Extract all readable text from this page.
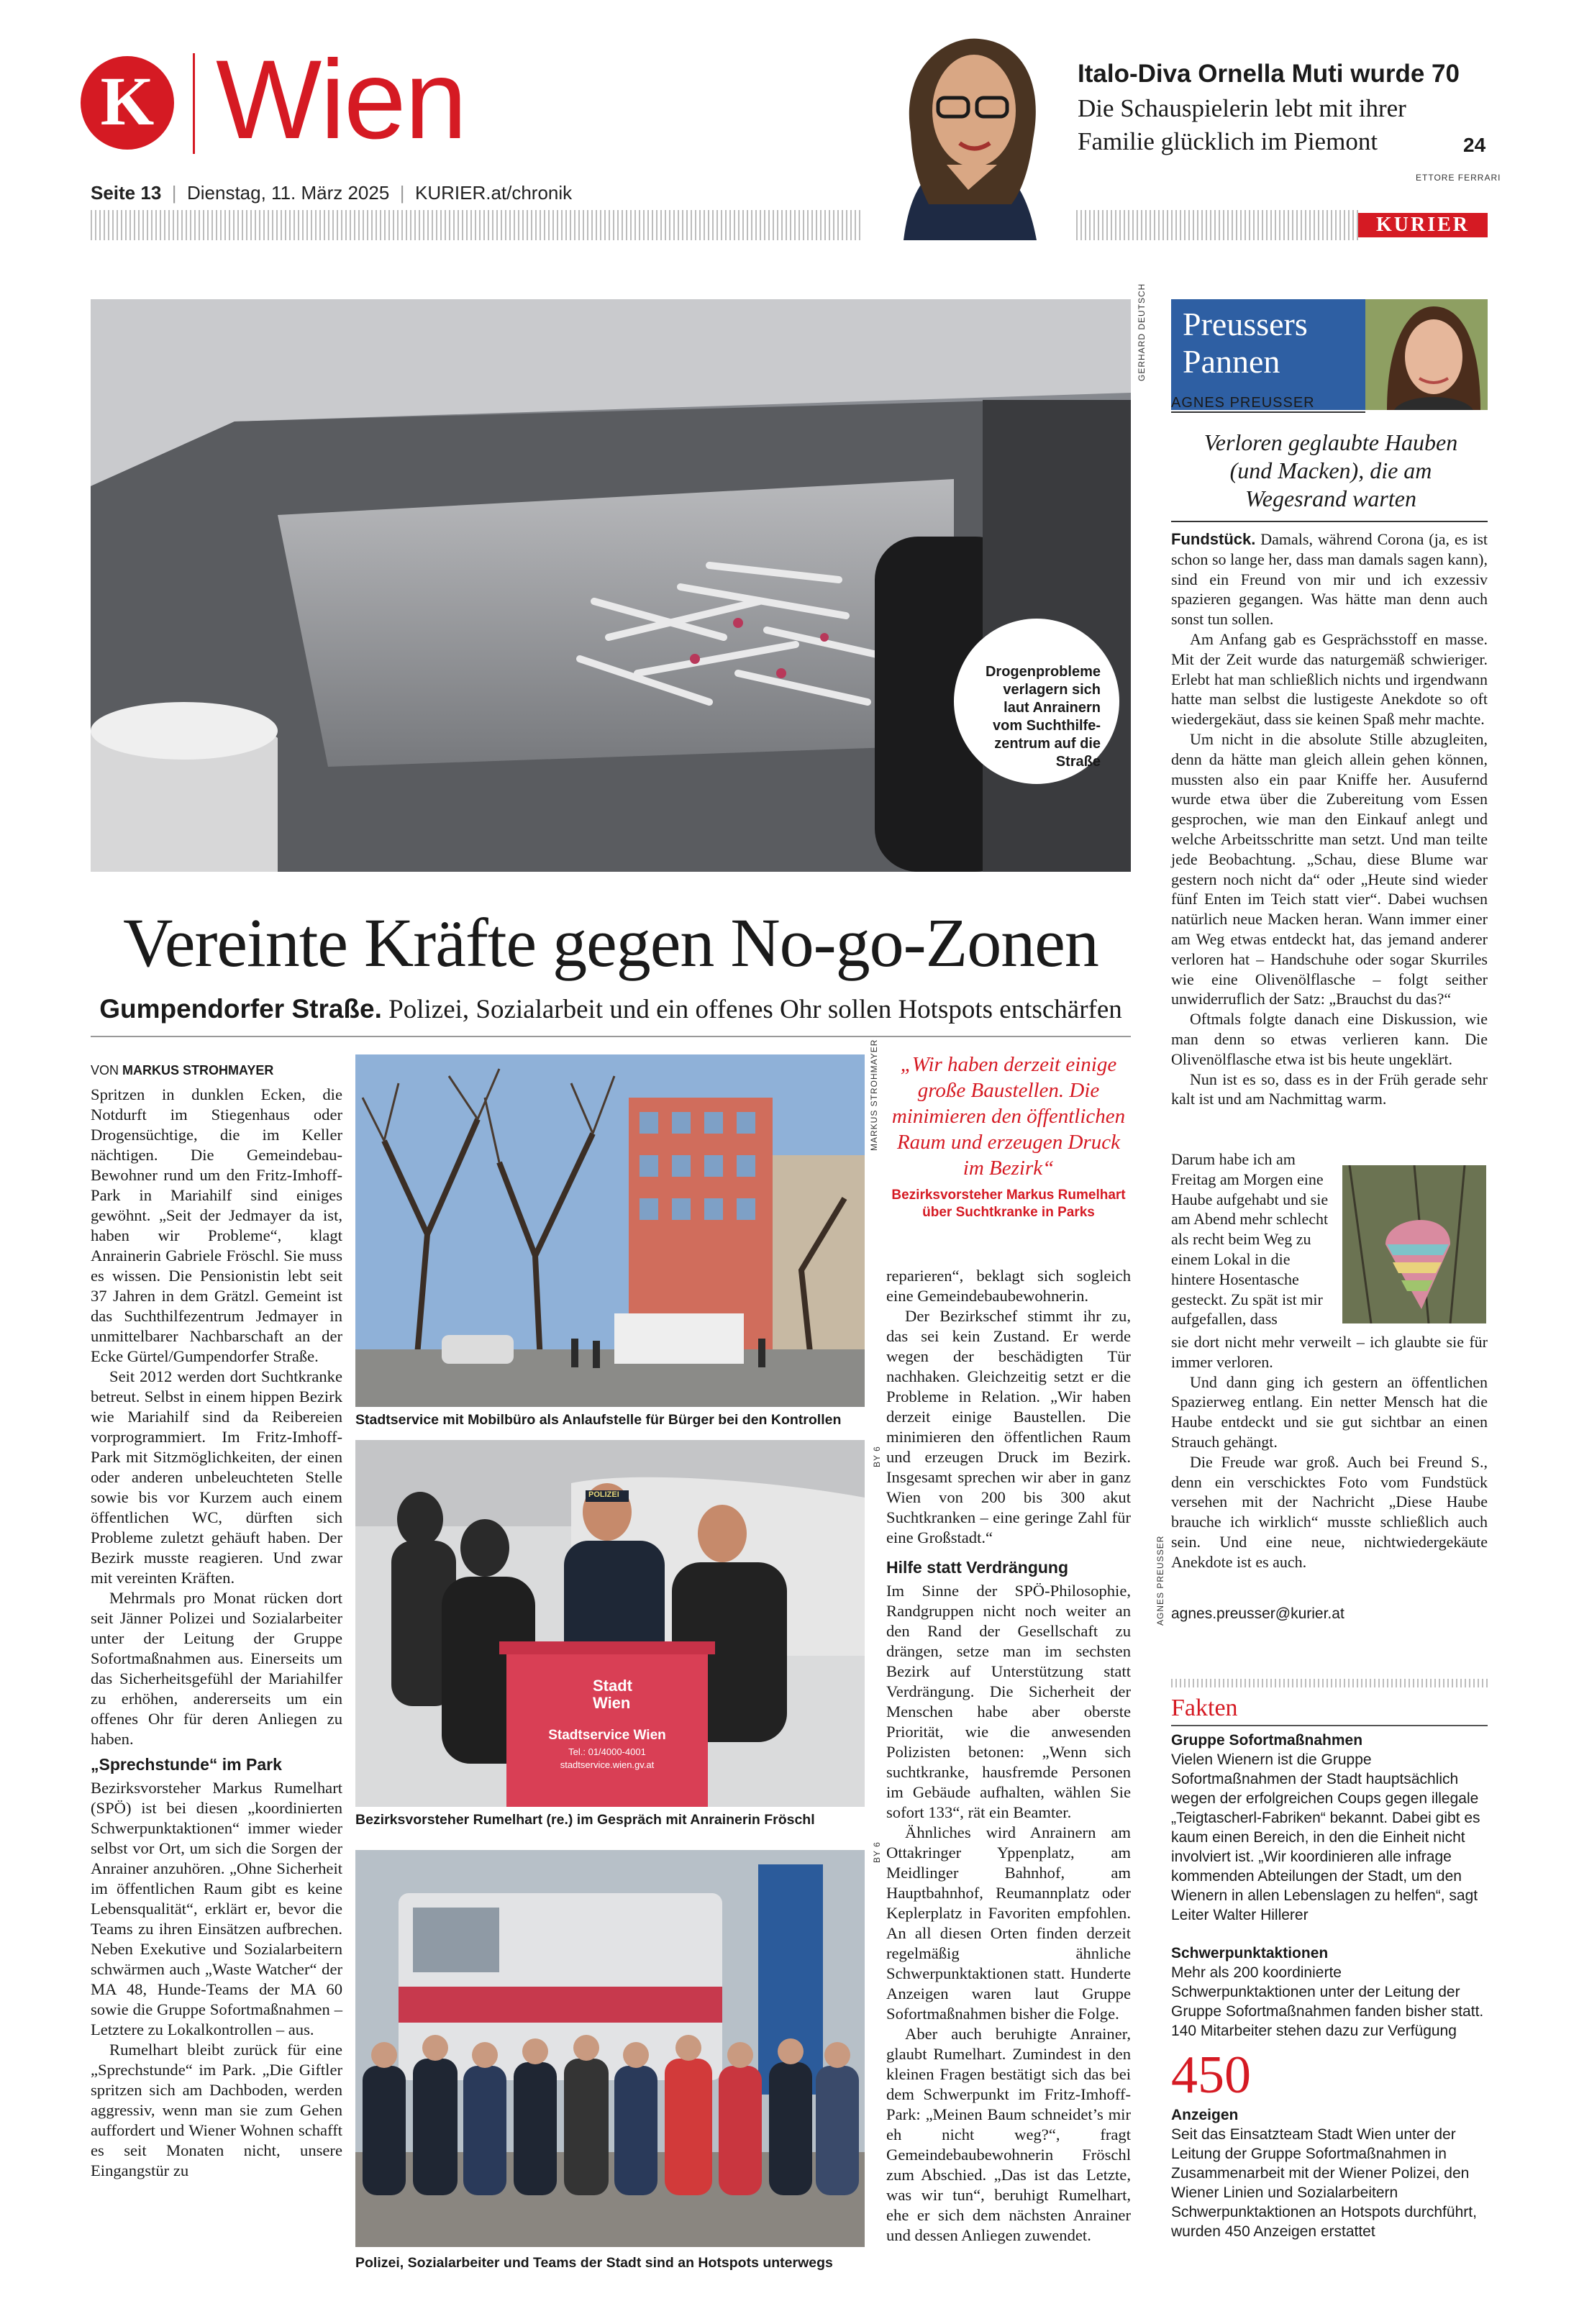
K Wien
Seite 13  |  Dienstag, 11. März 2025  |  KURIER.at/chronik
Italo-Diva Ornella Muti wurde 70
Die Schauspielerin lebt mit ihrer Familie glücklich im Piemont	24
ETTORE FERRARI
KURIER
Drogenprobleme verlagern sich laut Anrainern vom Suchthilfe-zentrum auf die Straße
GERHARD DEUTSCH
Vereinte Kräfte gegen No-go-Zonen
Gumpendorfer Straße. Polizei, Sozialarbeit und ein offenes Ohr sollen Hotspots entschärfen
VON MARKUS STROHMAYER

Spritzen in dunklen Ecken, die Notdurft im Stiegenhaus oder Drogensüchtige, die im Keller nächtigen. Die Gemeindebau-Bewohner rund um den Fritz-Imhoff-Park in Mariahilf sind einiges gewöhnt. „Seit der Jedmayer da ist, haben wir Probleme“, klagt Anrainerin Gabriele Fröschl. Sie muss es wissen. Die Pensionistin lebt seit 37 Jahren in dem Grätzl. Gemeint ist das Suchthilfezentrum Jedmayer in unmittelbarer Nachbarschaft an der Ecke Gürtel/Gumpendorfer Straße.

Seit 2012 werden dort Suchtkranke betreut. Selbst in einem hippen Bezirk wie Mariahilf sind da Reibereien vorprogrammiert. Im Fritz-Imhoff-Park mit Sitzmöglichkeiten, der einen oder anderen unbeleuchteten Stelle sowie bis vor Kurzem auch einem öffentlichen WC, dürften sich Probleme zuletzt gehäuft haben. Der Bezirk musste reagieren. Und zwar mit vereinten Kräften.

Mehrmals pro Monat rücken dort seit Jänner Polizei und Sozialarbeiter unter der Leitung der Gruppe Sofortmaßnahmen aus. Einerseits um das Sicherheitsgefühl der Mariahilfer zu erhöhen, andererseits um ein offenes Ohr für deren Anliegen zu haben.

„Sprechstunde“ im Park

Bezirksvorsteher Markus Rumelhart (SPÖ) ist bei diesen „koordinierten Schwerpunktaktionen“ immer wieder selbst vor Ort, um sich die Sorgen der Anrainer anzuhören. „Ohne Sicherheit im öffentlichen Raum gibt es keine Lebensqualität“, erklärt er, bevor die Teams zu ihren Einsätzen aufbrechen. Neben Exekutive und Sozialarbeitern schwärmen auch „Waste Watcher“ der MA 48, Hunde-Teams der MA 60 sowie die Gruppe Sofortmaßnahmen – Letztere zu Lokalkontrollen – aus.

Rumelhart bleibt zurück für eine „Sprechstunde“ im Park. „Die Giftler spritzen sich am Dachboden, werden aggressiv, wenn man sie zum Gehen auffordert und Wiener Wohnen schafft es seit Monaten nicht, unsere Eingangstür zu

Stadtservice mit Mobilbüro als Anlaufstelle für Bürger bei den Kontrollen
POLIZEI
Stadt Wien
Stadtservice Wien
Tel.: 01/4000-4001
stadtservice.wien.gv.at
BY 6
Bezirksvorsteher Rumelhart (re.) im Gespräch mit Anrainerin Fröschl
BY 6
Polizei, Sozialarbeiter und Teams der Stadt sind an Hotspots unterwegs
MARKUS STROHMAYER	„Wir haben derzeit einige große Baustellen. Die minimieren den öffentlichen Raum und erzeugen Druck im Bezirk“
Bezirksvorsteher Markus Rumelhart über Suchtkranke in Parks

reparieren“, beklagt sich sogleich eine Gemeindebaubewohnerin.

Der Bezirkschef stimmt ihr zu, das sei kein Zustand. Er werde wegen der beschädigten Tür nachhaken. Gleichzeitig setzt er die Probleme in Relation. „Wir haben derzeit einige Baustellen. Die minimieren den öffentlichen Raum und erzeugen Druck im Bezirk. Insgesamt sprechen wir aber in ganz Wien von 200 bis 300 akut Suchtkranken – eine geringe Zahl für eine Großstadt.“

Hilfe statt Verdrängung

Im Sinne der SPÖ-Philosophie, Randgruppen nicht noch weiter an den Rand der Gesellschaft zu drängen, setze man im sechsten Bezirk auf Unterstützung statt Verdrängung. Die Sicherheit der Menschen habe aber oberste Priorität, wie die anwesenden Polizisten betonen: „Wenn sich suchtkranke, hausfremde Personen im Gebäude aufhalten, wählen Sie sofort 133“, rät ein Beamter.

Ähnliches wird Anrainern am Ottakringer Yppenplatz, am Meidlinger Bahnhof, am Hauptbahnhof, Reumannplatz oder Keplerplatz in Favoriten empfohlen. An all diesen Orten finden derzeit regelmäßig ähnliche Schwerpunktaktionen statt. Hunderte Anzeigen waren laut Gruppe Sofortmaßnahmen bisher die Folge.

Aber auch beruhigte Anrainer, glaubt Rumelhart. Zumindest in den kleinen Fragen bestätigt sich das bei dem Schwerpunkt im Fritz-Imhoff-Park: „Meinen Baum schneidet’s mir eh nicht weg?“, fragt Gemeindebaubewohnerin Fröschl zum Abschied. „Das ist das Letzte, was wir tun“, beruhigt Rumelhart, ehe er sich dem nächsten Anrainer und dessen Anliegen zuwendet.

Preussers
Pannen
AGNES PREUSSER
Verloren geglaubte Hauben (und Macken), die am Wegesrand warten

Fundstück. Damals, während Corona (ja, es ist schon so lange her, dass man damals sagen kann), sind ein Freund von mir und ich exzessiv spazieren gegangen. Was hätte man denn auch sonst tun sollen.

Am Anfang gab es Gesprächsstoff en masse. Mit der Zeit wurde das naturgemäß schwieriger. Erlebt hat man schließlich nichts und irgendwann hatte man selbst die lustigeste Anekdote so oft wiedergekäut, dass sie keinen Spaß mehr machte.

Um nicht in die absolute Stille abzugleiten, denn da hätte man gleich allein gehen können, mussten also ein paar Kniffe her. Ausufernd wurde etwa über die Zubereitung vom Essen gesprochen, wie man den Einkauf anlegt und welche Arbeitsschritte man setzt. Und man teilte jede Beobachtung. „Schau, diese Blume war gestern noch nicht da“ oder „Heute sind wieder fünf Enten im Teich statt vier“. Dabei wuchsen natürlich neue Macken heran. Wann immer einer am Weg etwas entdeckt hat, das jemand anderer verloren hat – Handschuhe oder sogar Skurriles wie eine Olivenölflasche – folgt seither unwiderruflich der Satz: „Brauchst du das?“

Oftmals folgte danach eine Diskussion, wie man denn so etwas verlieren kann. Die Olivenölflasche etwa ist bis heute ungeklärt.

Nun ist es so, dass es in der Früh gerade sehr kalt ist und am Nachmittag warm.

Darum habe ich am Freitag am Morgen eine Haube aufgehabt und sie am Abend mehr schlecht als recht beim Weg zu einem Lokal in die hintere Hosentasche gesteckt. Zu spät ist mir aufgefallen, dass

sie dort nicht mehr verweilt – ich glaubte sie für immer verloren.

Und dann ging ich gestern an öffentlichen Spazierweg entlang. Ein netter Mensch hat die Haube entdeckt und sie gut sichtbar an einen Strauch gehängt.

Die Freude war groß. Auch bei Freund S., denn ein verschicktes Foto vom Fundstück versehen mit der Nachricht „Diese Haube brauche ich wirklich“ musste schließlich auch sein. Und eine neue, nichtwiedergekäute Anekdote ist es auch.

AGNES PREUSSER agnes.preusser@kurier.at
Fakten
Gruppe Sofortmaßnahmen
Vielen Wienern ist die Gruppe Sofortmaßnahmen der Stadt hauptsächlich wegen der erfolgreichen Coups gegen illegale „Teigtascherl-Fabriken“ bekannt. Dabei gibt es kaum einen Bereich, in den die Einheit nicht involviert ist. „Wir koordinieren alle infrage kommenden Abteilungen der Stadt, um den Wienern in allen Lebenslagen zu helfen“, sagt Leiter Walter Hillerer
Schwerpunktaktionen
Mehr als 200 koordinierte Schwerpunktaktionen unter der Leitung der Gruppe Sofortmaßnahmen fanden bisher statt. 140 Mitarbeiter stehen dazu zur Verfügung
450
Anzeigen
Seit das Einsatzteam Stadt Wien unter der Leitung der Gruppe Sofortmaßnahmen in Zusammenarbeit mit der Wiener Polizei, den Wiener Linien und Sozialarbeitern Schwerpunktaktionen an Hotspots durchführt, wurden 450 Anzeigen erstattet
